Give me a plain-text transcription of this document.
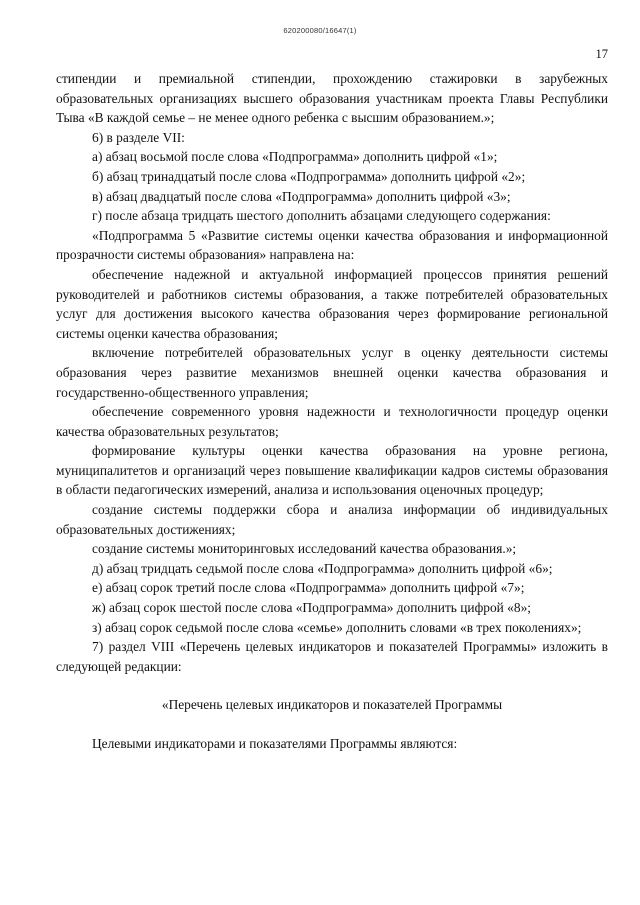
620200080/16647(1)
17

стипендии и премиальной стипендии, прохождению стажировки в зарубежных образовательных организациях высшего образования участникам проекта Главы Республики Тыва «В каждой семье – не менее одного ребенка с высшим образованием.»;

6) в разделе VII:

а) абзац восьмой после слова «Подпрограмма» дополнить цифрой «1»;

б) абзац тринадцатый после слова «Подпрограмма» дополнить цифрой «2»;

в) абзац двадцатый после слова «Подпрограмма» дополнить цифрой «3»;

г) после абзаца тридцать шестого дополнить абзацами следующего содержания:

«Подпрограмма 5 «Развитие системы оценки качества образования и информационной прозрачности системы образования» направлена на:

обеспечение надежной и актуальной информацией процессов принятия решений руководителей и работников системы образования, а также потребителей образовательных услуг для достижения высокого качества образования через формирование региональной системы оценки качества образования;

включение потребителей образовательных услуг в оценку деятельности системы образования через развитие механизмов внешней оценки качества образования и государственно-общественного управления;

обеспечение современного уровня надежности и технологичности процедур оценки качества образовательных результатов;

формирование культуры оценки качества образования на уровне региона, муниципалитетов и организаций через повышение квалификации кадров системы образования в области педагогических измерений, анализа и использования оценочных процедур;

создание системы поддержки сбора и анализа информации об индивидуальных образовательных достижениях;

создание системы мониторинговых исследований качества образования.»;

д) абзац тридцать седьмой после слова «Подпрограмма» дополнить цифрой «6»;

е) абзац сорок третий после слова «Подпрограмма» дополнить цифрой «7»;

ж) абзац сорок шестой после слова «Подпрограмма» дополнить цифрой «8»;

з) абзац сорок седьмой после слова «семье» дополнить словами «в трех поколениях»;

7) раздел VIII «Перечень целевых индикаторов и показателей Программы» изложить в следующей редакции:

«Перечень целевых индикаторов и показателей Программы

Целевыми индикаторами и показателями Программы являются:
